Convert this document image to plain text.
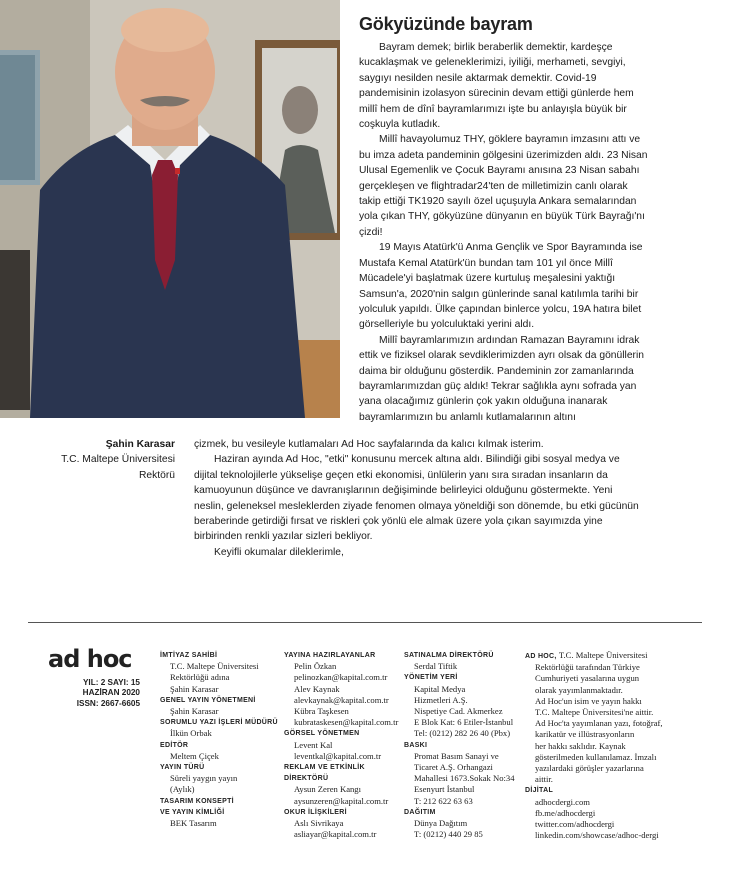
Gökyüzünde bayram

Bayram demek; birlik beraberlik demektir, kardeşçe kucaklaşmak ve geleneklerimizi, iyiliği, merhameti, sevgiyi, saygıyı nesilden nesile aktarmak demektir. Covid-19 pandemisinin izolasyon sürecinin devam ettiği günlerde hem millî hem de dînî bayramlarımızı işte bu anlayışla büyük bir coşkuyla kutladık.

Millî havayolumuz THY, göklere bayramın imzasını attı ve bu imza adeta pandeminin gölgesini üzerimizden aldı. 23 Nisan Ulusal Egemenlik ve Çocuk Bayramı anısına 23 Nisan sabahı gerçekleşen ve flightradar24'ten de milletimizin canlı olarak takip ettiği TK1920 sayılı özel uçuşuyla Ankara semalarından yola çıkan THY, gökyüzüne dünyanın en büyük Türk Bayrağı'nı çizdi!

19 Mayıs Atatürk'ü Anma Gençlik ve Spor Bayramında ise Mustafa Kemal Atatürk'ün bundan tam 101 yıl önce Millî Mücadele'yi başlatmak üzere kurtuluş meşalesini yaktığı Samsun'a, 2020'nin salgın günlerinde sanal katılımla tarihi bir yolculuk yapıldı. Ülke çapından binlerce yolcu, 19A hatıra bilet görselleriyle bu yolculuktaki yerini aldı.

Millî bayramlarımızın ardından Ramazan Bayramını idrak ettik ve fiziksel olarak sevdiklerimizden ayrı olsak da gönüllerin daima bir olduğunu gösterdik. Pandeminin zor zamanlarında bayramlarımızdan güç aldık! Tekrar sağlıkla aynı sofrada yan yana olacağımız günlerin çok yakın olduğuna inanarak bayramlarımızın bu anlamlı kutlamalarının altını

Şahin Karasar
T.C. Maltepe Üniversitesi
Rektörü

çizmek, bu vesileyle kutlamaları Ad Hoc sayfalarında da kalıcı kılmak isterim.

Haziran ayında Ad Hoc, "etki" konusunu mercek altına aldı. Bilindiği gibi sosyal medya ve dijital teknolojilerle yükselişe geçen etki ekonomisi, ünlülerin yanı sıra sıradan insanların da kamuoyunun düşünce ve davranışlarının değişiminde belirleyici olduğunu göstermekte. Yeni neslin, geleneksel mesleklerden ziyade fenomen olmaya yöneldiği son dönemde, bu etki gücünün beraberinde getirdiği fırsat ve riskleri çok yönlü ele almak üzere yola çıkan sayımızda yine birbirinden renkli yazılar sizleri bekliyor.

Keyifli okumalar dileklerimle,

ad hoc
YIL: 2 SAYI: 15
HAZİRAN 2020
ISSN: 2667-6605
İMTİYAZ SAHİBİ
T.C. Maltepe Üniversitesi
Rektörlüğü adına
Şahin Karasar
GENEL YAYIN YÖNETMENİ
Şahin Karasar
SORUMLU YAZI İŞLERİ MÜDÜRÜ
İlkün Orbak
EDİTÖR
Meltem Çiçek
YAYIN TÜRÜ
Süreli yaygın yayın
(Aylık)
TASARIM KONSEPTİ
VE YAYIN KİMLİĞİ
BEK Tasarım
YAYINA HAZIRLAYANLAR
Pelin Özkan
pelinozkan@kapital.com.tr
Alev Kaynak
alevkaynak@kapital.com.tr
Kübra Taşkesen
kubrataskesen@kapital.com.tr
GÖRSEL YÖNETMEN
Levent Kal
leventkal@kapital.com.tr
REKLAM VE ETKİNLİK
DİREKTÖRÜ
Aysun Zeren Kangı
aysunzeren@kapital.com.tr
OKUR İLİŞKİLERİ
Aslı Sivrikaya
asliayar@kapital.com.tr
SATINALMA DİREKTÖRÜ
Serdal Tiftik
YÖNETİM YERİ
Kapital Medya
Hizmetleri A.Ş.
Nispetiye Cad. Akmerkez
E Blok Kat: 6 Etiler-İstanbul
Tel: (0212) 282 26 40 (Pbx)
BASKI
Promat Basım Sanayi ve
Ticaret A.Ş. Orhangazi
Mahallesi 1673.Sokak No:34
Esenyurt İstanbul
T: 212 622 63 63
DAĞITIM
Dünya Dağıtım
T: (0212) 440 29 85
AD HOC, T.C. Maltepe Üniversitesi
Rektörlüğü tarafından Türkiye
Cumhuriyeti yasalarına uygun
olarak yayımlanmaktadır.
Ad Hoc'un isim ve yayın hakkı
T.C. Maltepe Üniversitesi'ne aittir.
Ad Hoc'ta yayımlanan yazı, fotoğraf,
karikatür ve illüstrasyonların
her hakkı saklıdır. Kaynak
gösterilmeden kullanılamaz. İmzalı
yazılardaki görüşler yazarlarına
aittir.
DİJİTAL
adhocdergi.com
fb.me/adhocdergi
twitter.com/adhocdergi
linkedin.com/showcase/adhoc-dergi
